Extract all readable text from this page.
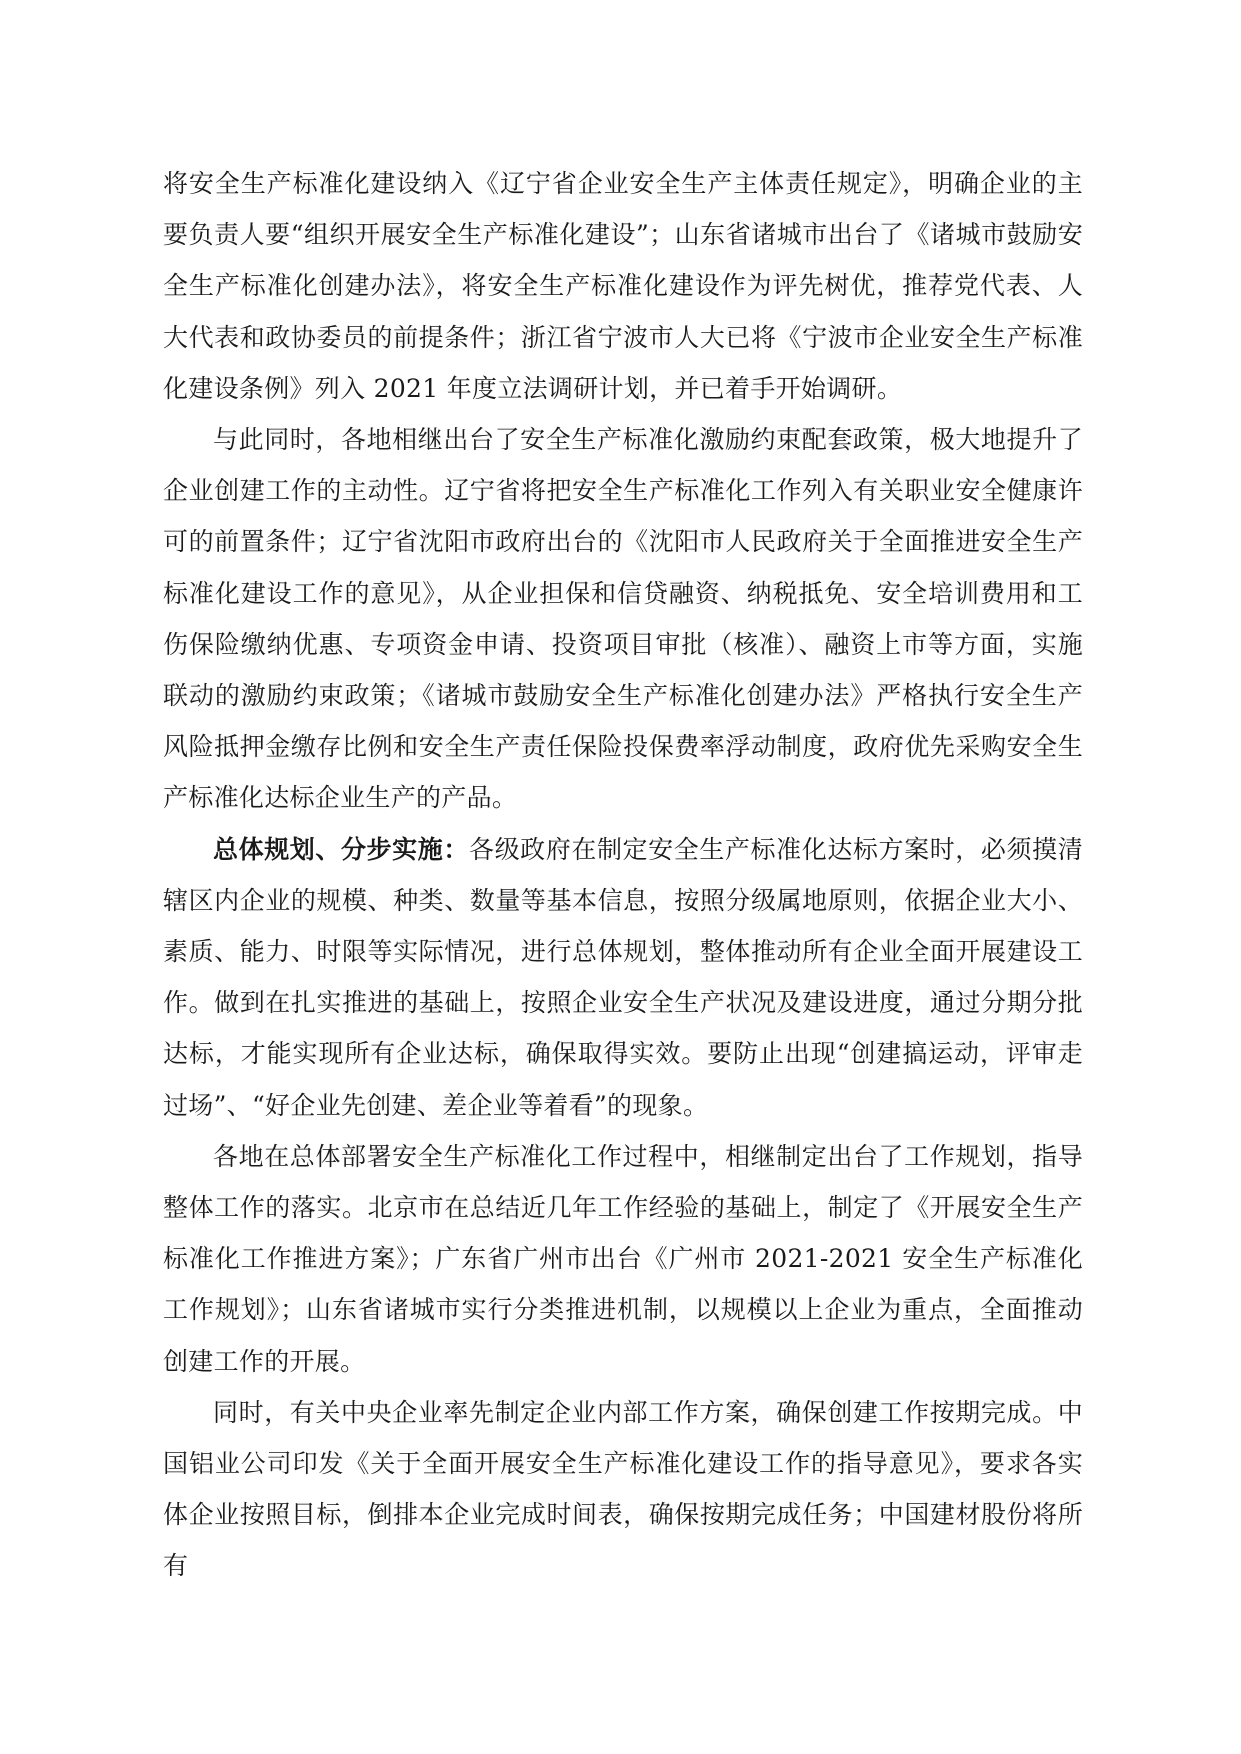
将安全生产标准化建设纳入《辽宁省企业安全生产主体责任规定》，明确企业的主要负责人要“组织开展安全生产标准化建设”；山东省诸城市出台了《诸城市鼓励安全生产标准化创建办法》，将安全生产标准化建设作为评先树优，推荐党代表、人大代表和政协委员的前提条件；浙江省宁波市人大已将《宁波市企业安全生产标准化建设条例》列入 2021 年度立法调研计划，并已着手开始调研。

与此同时，各地相继出台了安全生产标准化激励约束配套政策，极大地提升了企业创建工作的主动性。辽宁省将把安全生产标准化工作列入有关职业安全健康许可的前置条件；辽宁省沈阳市政府出台的《沈阳市人民政府关于全面推进安全生产标准化建设工作的意见》，从企业担保和信贷融资、纳税抵免、安全培训费用和工伤保险缴纳优惠、专项资金申请、投资项目审批（核准）、融资上市等方面，实施联动的激励约束政策；《诸城市鼓励安全生产标准化创建办法》严格执行安全生产风险抵押金缴存比例和安全生产责任保险投保费率浮动制度，政府优先采购安全生产标准化达标企业生产的产品。

总体规划、分步实施：各级政府在制定安全生产标准化达标方案时，必须摸清辖区内企业的规模、种类、数量等基本信息，按照分级属地原则，依据企业大小、素质、能力、时限等实际情况，进行总体规划，整体推动所有企业全面开展建设工作。做到在扎实推进的基础上，按照企业安全生产状况及建设进度，通过分期分批达标，才能实现所有企业达标，确保取得实效。要防止出现“创建搞运动，评审走过场”、“好企业先创建、差企业等着看”的现象。

各地在总体部署安全生产标准化工作过程中，相继制定出台了工作规划，指导整体工作的落实。北京市在总结近几年工作经验的基础上，制定了《开展安全生产标准化工作推进方案》；广东省广州市出台《广州市 2021-2021 安全生产标准化工作规划》；山东省诸城市实行分类推进机制，以规模以上企业为重点，全面推动创建工作的开展。

同时，有关中央企业率先制定企业内部工作方案，确保创建工作按期完成。中国铝业公司印发《关于全面开展安全生产标准化建设工作的指导意见》，要求各实体企业按照目标，倒排本企业完成时间表，确保按期完成任务；中国建材股份将所有
